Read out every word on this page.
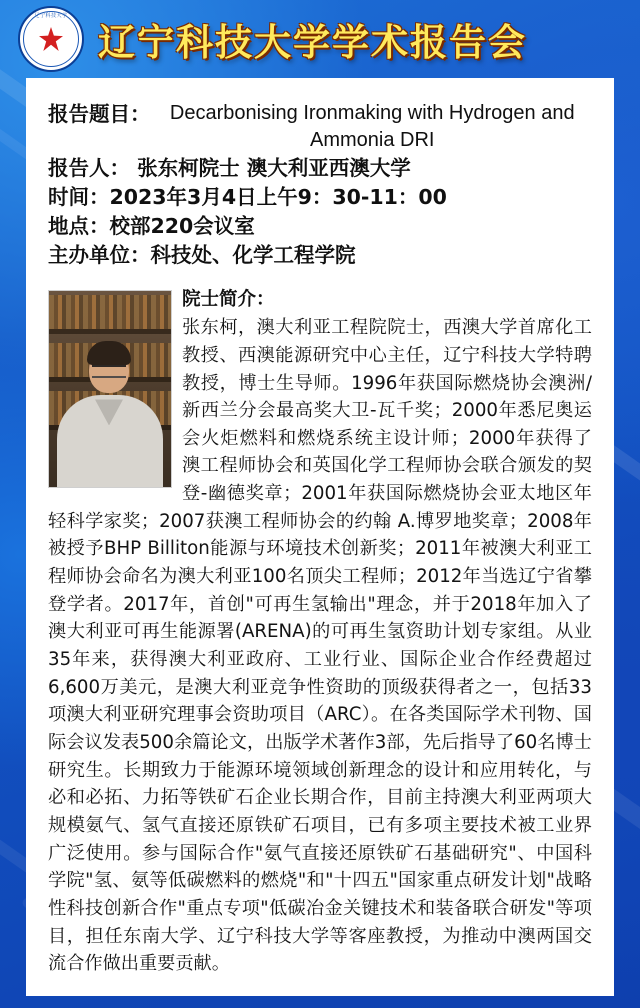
辽宁科技大学
辽宁科技大学学术报告会
报告题目： Decarbonising Ironmaking with Hydrogen and Ammonia DRI
报告人： 张东柯院士 澳大利亚西澳大学
时间：2023年3月4日上午9：30-11：00
地点：校部220会议室
主办单位：科技处、化学工程学院
院士简介：
张东柯，澳大利亚工程院院士，西澳大学首席化工教授、西澳能源研究中心主任，辽宁科技大学特聘教授，博士生导师。1996年获国际燃烧协会澳洲/新西兰分会最高奖大卫-瓦千奖；2000年悉尼奥运会火炬燃料和燃烧系统主设计师；2000年获得了澳工程师协会和英国化学工程师协会联合颁发的契登-幽德奖章；2001年获国际燃烧协会亚太地区年轻科学家奖；2007获澳工程师协会的约翰 A.博罗地奖章；2008年被授予BHP Billiton能源与环境技术创新奖；2011年被澳大利亚工程师协会命名为澳大利亚100名顶尖工程师；2012年当选辽宁省攀登学者。2017年，首创"可再生氢输出"理念，并于2018年加入了澳大利亚可再生能源署(ARENA)的可再生氢资助计划专家组。从业35年来，获得澳大利亚政府、工业行业、国际企业合作经费超过6,600万美元，是澳大利亚竞争性资助的顶级获得者之一，包括33项澳大利亚研究理事会资助项目（ARC）。在各类国际学术刊物、国际会议发表500余篇论文，出版学术著作3部，先后指导了60名博士研究生。长期致力于能源环境领域创新理念的设计和应用转化，与必和必拓、力拓等铁矿石企业长期合作，目前主持澳大利亚两项大规模氨气、氢气直接还原铁矿石项目，已有多项主要技术被工业界广泛使用。参与国际合作"氨气直接还原铁矿石基础研究"、中国科学院"氢、氨等低碳燃料的燃烧"和"十四五"国家重点研发计划"战略性科技创新合作"重点专项"低碳冶金关键技术和装备联合研发"等项目，担任东南大学、辽宁科技大学等客座教授，为推动中澳两国交流合作做出重要贡献。
